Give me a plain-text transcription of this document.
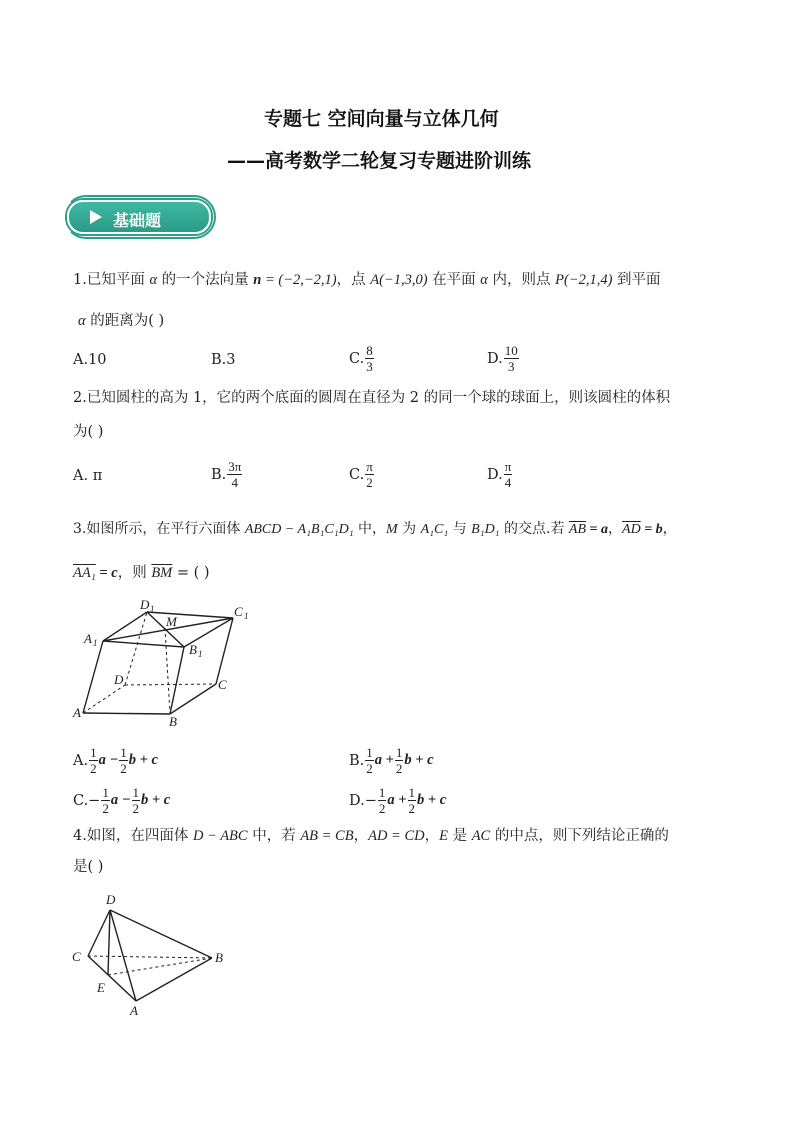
专题七 空间向量与立体几何
——高考数学二轮复习专题进阶训练
基础题
1.已知平面 α 的一个法向量 n = (−2,−2,1)，点 A(−1,3,0) 在平面 α 内，则点 P(−2,1,4) 到平面
α 的距离为( )
A.10	B.3	C. $\frac{8}{3}$	D. $\frac{10}{3}$
2.已知圆柱的高为 1，它的两个底面的圆周在直径为 2 的同一个球的球面上，则该圆柱的体积
为( )
A. π	B. $\frac{3\pi}{4}$	C. $\frac{\pi}{2}$	D. $\frac{\pi}{4}$
3.如图所示，在平行六面体 ABCD − A₁B₁C₁D₁ 中，M 为 A₁C₁ 与 B₁D₁ 的交点.若 $\overline{AB} = a$，$\overline{AD} = b$，
AA₁ = c，则 $\overline{BM}$ = ( )
D 1	C 1
M
A 1	B 1
D	C
A
B
A. $\frac{1}{2}$ $a - \frac{1}{2}$ b + c	B. $\frac{1}{2}$ $a + \frac{1}{2}$ b + c
$C.- \frac{1}{2}$ $a - \frac{1}{2}$ b + c	$D.- \frac{1}{2}$ $a + \frac{1}{2}$ b + c
4.如图，在四面体 D − ABC 中，若 AB = CB，AD = CD，E 是 AC 的中点，则下列结论正确的
是( )
D
C	B
E
A
